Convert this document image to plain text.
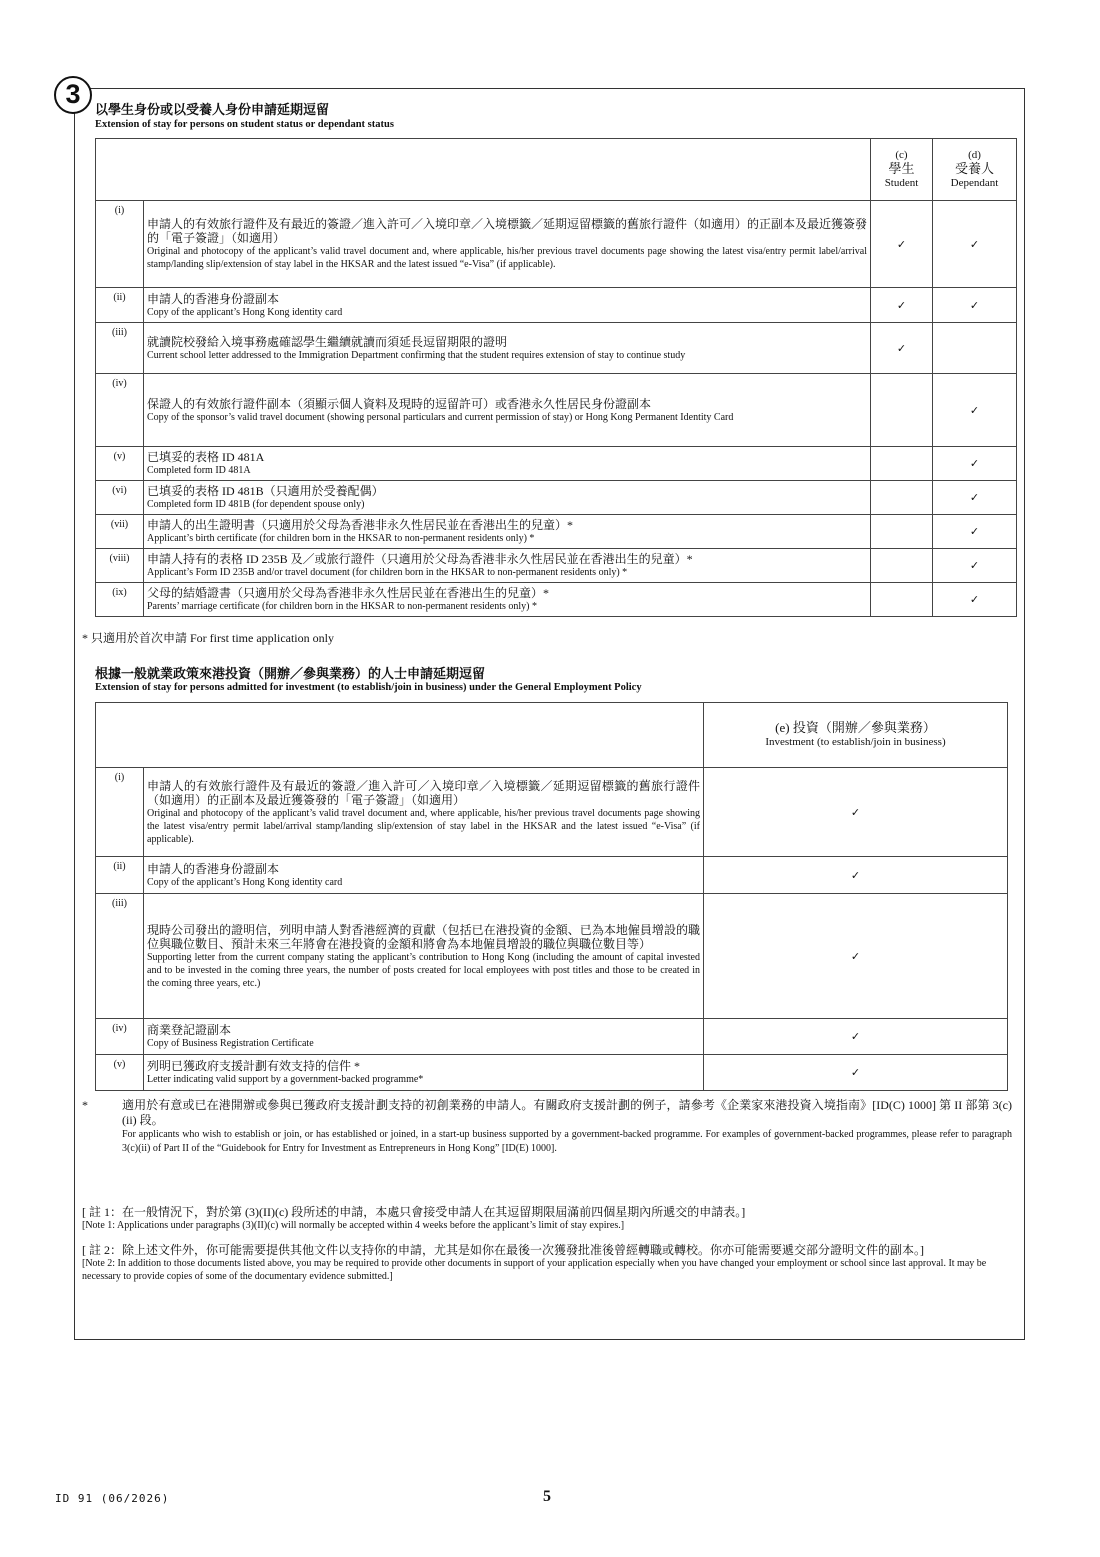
3
以學生身份或以受養人身份申請延期逗留
Extension of stay for persons on student status or dependant status
		(c)
學生
Student	(d)
受養人
Dependant
(i)	申請人的有效旅行證件及有最近的簽證／進入許可／入境印章／入境標籤／延期逗留標籤的舊旅行證件（如適用）的正副本及最近獲簽發的「電子簽證」（如適用）
Original and photocopy of the applicant’s valid travel document and, where applicable, his/her previous travel documents page showing the latest visa/entry permit label/arrival stamp/landing slip/extension of stay label in the HKSAR and the latest issued “e-Visa” (if applicable).	✓	✓
(ii)	申請人的香港身份證副本
Copy of the applicant’s Hong Kong identity card	✓	✓
(iii)	就讀院校發給入境事務處確認學生繼續就讀而須延長逗留期限的證明
Current school letter addressed to the Immigration Department confirming that the student requires extension of stay to continue study	✓	
(iv)	保證人的有效旅行證件副本（須顯示個人資料及現時的逗留許可）或香港永久性居民身份證副本
Copy of the sponsor’s valid travel document (showing personal particulars and current permission of stay) or Hong Kong Permanent Identity Card		✓
(v)	已填妥的表格 ID 481A
Completed form ID 481A		✓
(vi)	已填妥的表格 ID 481B（只適用於受養配偶）
Completed form ID 481B (for dependent spouse only)		✓
(vii)	申請人的出生證明書（只適用於父母為香港非永久性居民並在香港出生的兒童）*
Applicant’s birth certificate (for children born in the HKSAR to non-permanent residents only) *		✓
(viii)	申請人持有的表格 ID 235B 及／或旅行證件（只適用於父母為香港非永久性居民並在香港出生的兒童）*
Applicant’s Form ID 235B and/or travel document (for children born in the HKSAR to non-permanent residents only) *		✓
(ix)	父母的結婚證書（只適用於父母為香港非永久性居民並在香港出生的兒童）*
Parents’ marriage certificate (for children born in the HKSAR to non-permanent residents only) *		✓
* 只適用於首次申請 For first time application only
根據一般就業政策來港投資（開辦／參與業務）的人士申請延期逗留
Extension of stay for persons admitted for investment (to establish/join in business) under the General Employment Policy
		(e) 投資（開辦／參與業務）
Investment (to establish/join in business)
(i)	申請人的有效旅行證件及有最近的簽證／進入許可／入境印章／入境標籤／延期逗留標籤的舊旅行證件（如適用）的正副本及最近獲簽發的「電子簽證」（如適用）
Original and photocopy of the applicant’s valid travel document and, where applicable, his/her previous travel documents page showing the latest visa/entry permit label/arrival stamp/landing slip/extension of stay label in the HKSAR and the latest issued “e-Visa” (if applicable).	✓
(ii)	申請人的香港身份證副本
Copy of the applicant’s Hong Kong identity card	✓
(iii)	現時公司發出的證明信，列明申請人對香港經濟的貢獻（包括已在港投資的金額、已為本地僱員增設的職位與職位數目、預計未來三年將會在港投資的金額和將會為本地僱員增設的職位與職位數目等）
Supporting letter from the current company stating the applicant’s contribution to Hong Kong (including the amount of capital invested and to be invested in the coming three years, the number of posts created for local employees with post titles and those to be created in the coming three years, etc.)	✓
(iv)	商業登記證副本
Copy of Business Registration Certificate	✓
(v)	列明已獲政府支援計劃有效支持的信件 *
Letter indicating valid support by a government-backed programme*	✓
*	適用於有意或已在港開辦或參與已獲政府支援計劃支持的初創業務的申請人。有關政府支援計劃的例子，請參考《企業家來港投資入境指南》[ID(C) 1000] 第 II 部第 3(c)(ii) 段。
For applicants who wish to establish or join, or has established or joined, in a start-up business supported by a government-backed programme. For examples of government-backed programmes, please refer to paragraph 3(c)(ii) of Part II of the “Guidebook for Entry for Investment as Entrepreneurs in Hong Kong” [ID(E) 1000].
[ 註 1：在一般情況下，對於第 (3)(II)(c) 段所述的申請，本處只會接受申請人在其逗留期限屆滿前四個星期內所遞交的申請表。]
[Note 1: Applications under paragraphs (3)(II)(c) will normally be accepted within 4 weeks before the applicant’s limit of stay expires.]
[ 註 2：除上述文件外，你可能需要提供其他文件以支持你的申請，尤其是如你在最後一次獲發批准後曾經轉職或轉校。你亦可能需要遞交部分證明文件的副本。]
[Note 2: In addition to those documents listed above, you may be required to provide other documents in support of your application especially when you have changed your employment or school since last approval. It may be necessary to provide copies of some of the documentary evidence submitted.]
ID 91 (06/2026)	5
